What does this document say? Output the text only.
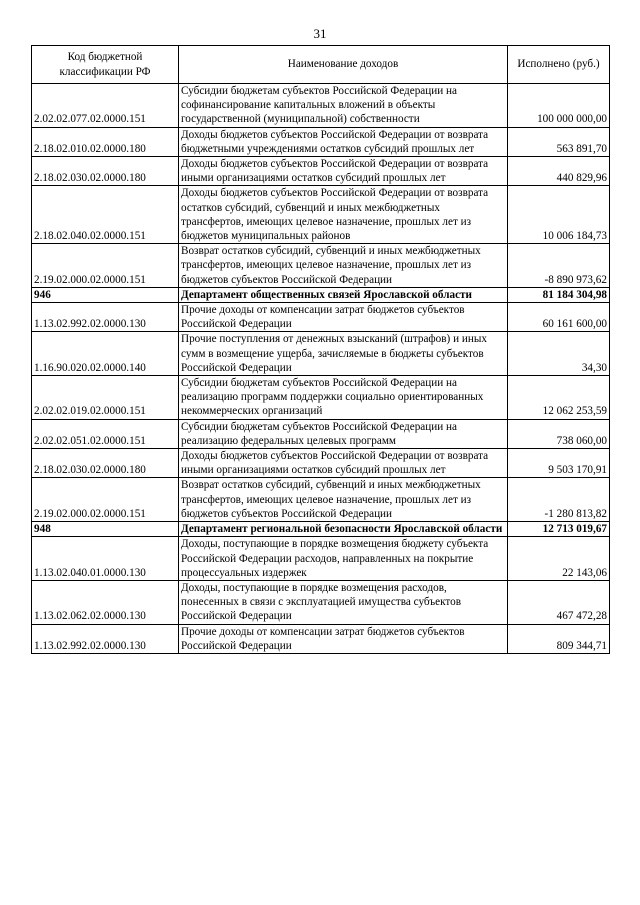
31
Код бюджетной классификации РФ	Наименование доходов	Исполнено (руб.)
2.02.02.077.02.0000.151	Субсидии бюджетам субъектов Российской Федерации на софинансирование капитальных вложений в объекты государственной (муниципальной) собственности	100 000 000,00
2.18.02.010.02.0000.180	Доходы бюджетов субъектов Российской Федерации от возврата бюджетными учреждениями остатков субсидий прошлых лет	563 891,70
2.18.02.030.02.0000.180	Доходы бюджетов субъектов Российской Федерации от возврата иными организациями остатков субсидий прошлых лет	440 829,96
2.18.02.040.02.0000.151	Доходы бюджетов субъектов Российской Федерации от возврата остатков субсидий, субвенций и иных межбюджетных трансфертов, имеющих целевое назначение, прошлых лет из бюджетов муниципальных районов	10 006 184,73
2.19.02.000.02.0000.151	Возврат остатков субсидий, субвенций и иных межбюджетных трансфертов, имеющих целевое назначение, прошлых лет из бюджетов субъектов Российской Федерации	-8 890 973,62
946	Департамент общественных связей Ярославской области	81 184 304,98
1.13.02.992.02.0000.130	Прочие доходы от компенсации затрат бюджетов субъектов Российской Федерации	60 161 600,00
1.16.90.020.02.0000.140	Прочие поступления от денежных взысканий (штрафов) и иных сумм в возмещение ущерба, зачисляемые в бюджеты субъектов Российской Федерации	34,30
2.02.02.019.02.0000.151	Субсидии бюджетам субъектов Российской Федерации на реализацию программ поддержки социально ориентированных некоммерческих организаций	12 062 253,59
2.02.02.051.02.0000.151	Субсидии бюджетам субъектов Российской Федерации на реализацию федеральных целевых программ	738 060,00
2.18.02.030.02.0000.180	Доходы бюджетов субъектов Российской Федерации от возврата иными организациями остатков субсидий прошлых лет	9 503 170,91
2.19.02.000.02.0000.151	Возврат остатков субсидий, субвенций и иных межбюджетных трансфертов, имеющих целевое назначение, прошлых лет из бюджетов субъектов Российской Федерации	-1 280 813,82
948	Департамент региональной безопасности Ярославской области	12 713 019,67
1.13.02.040.01.0000.130	Доходы, поступающие в порядке возмещения бюджету субъекта Российской Федерации расходов, направленных на покрытие процессуальных издержек	22 143,06
1.13.02.062.02.0000.130	Доходы, поступающие в порядке возмещения расходов, понесенных в связи с эксплуатацией имущества субъектов Российской Федерации	467 472,28
1.13.02.992.02.0000.130	Прочие доходы от компенсации затрат бюджетов субъектов Российской Федерации	809 344,71
